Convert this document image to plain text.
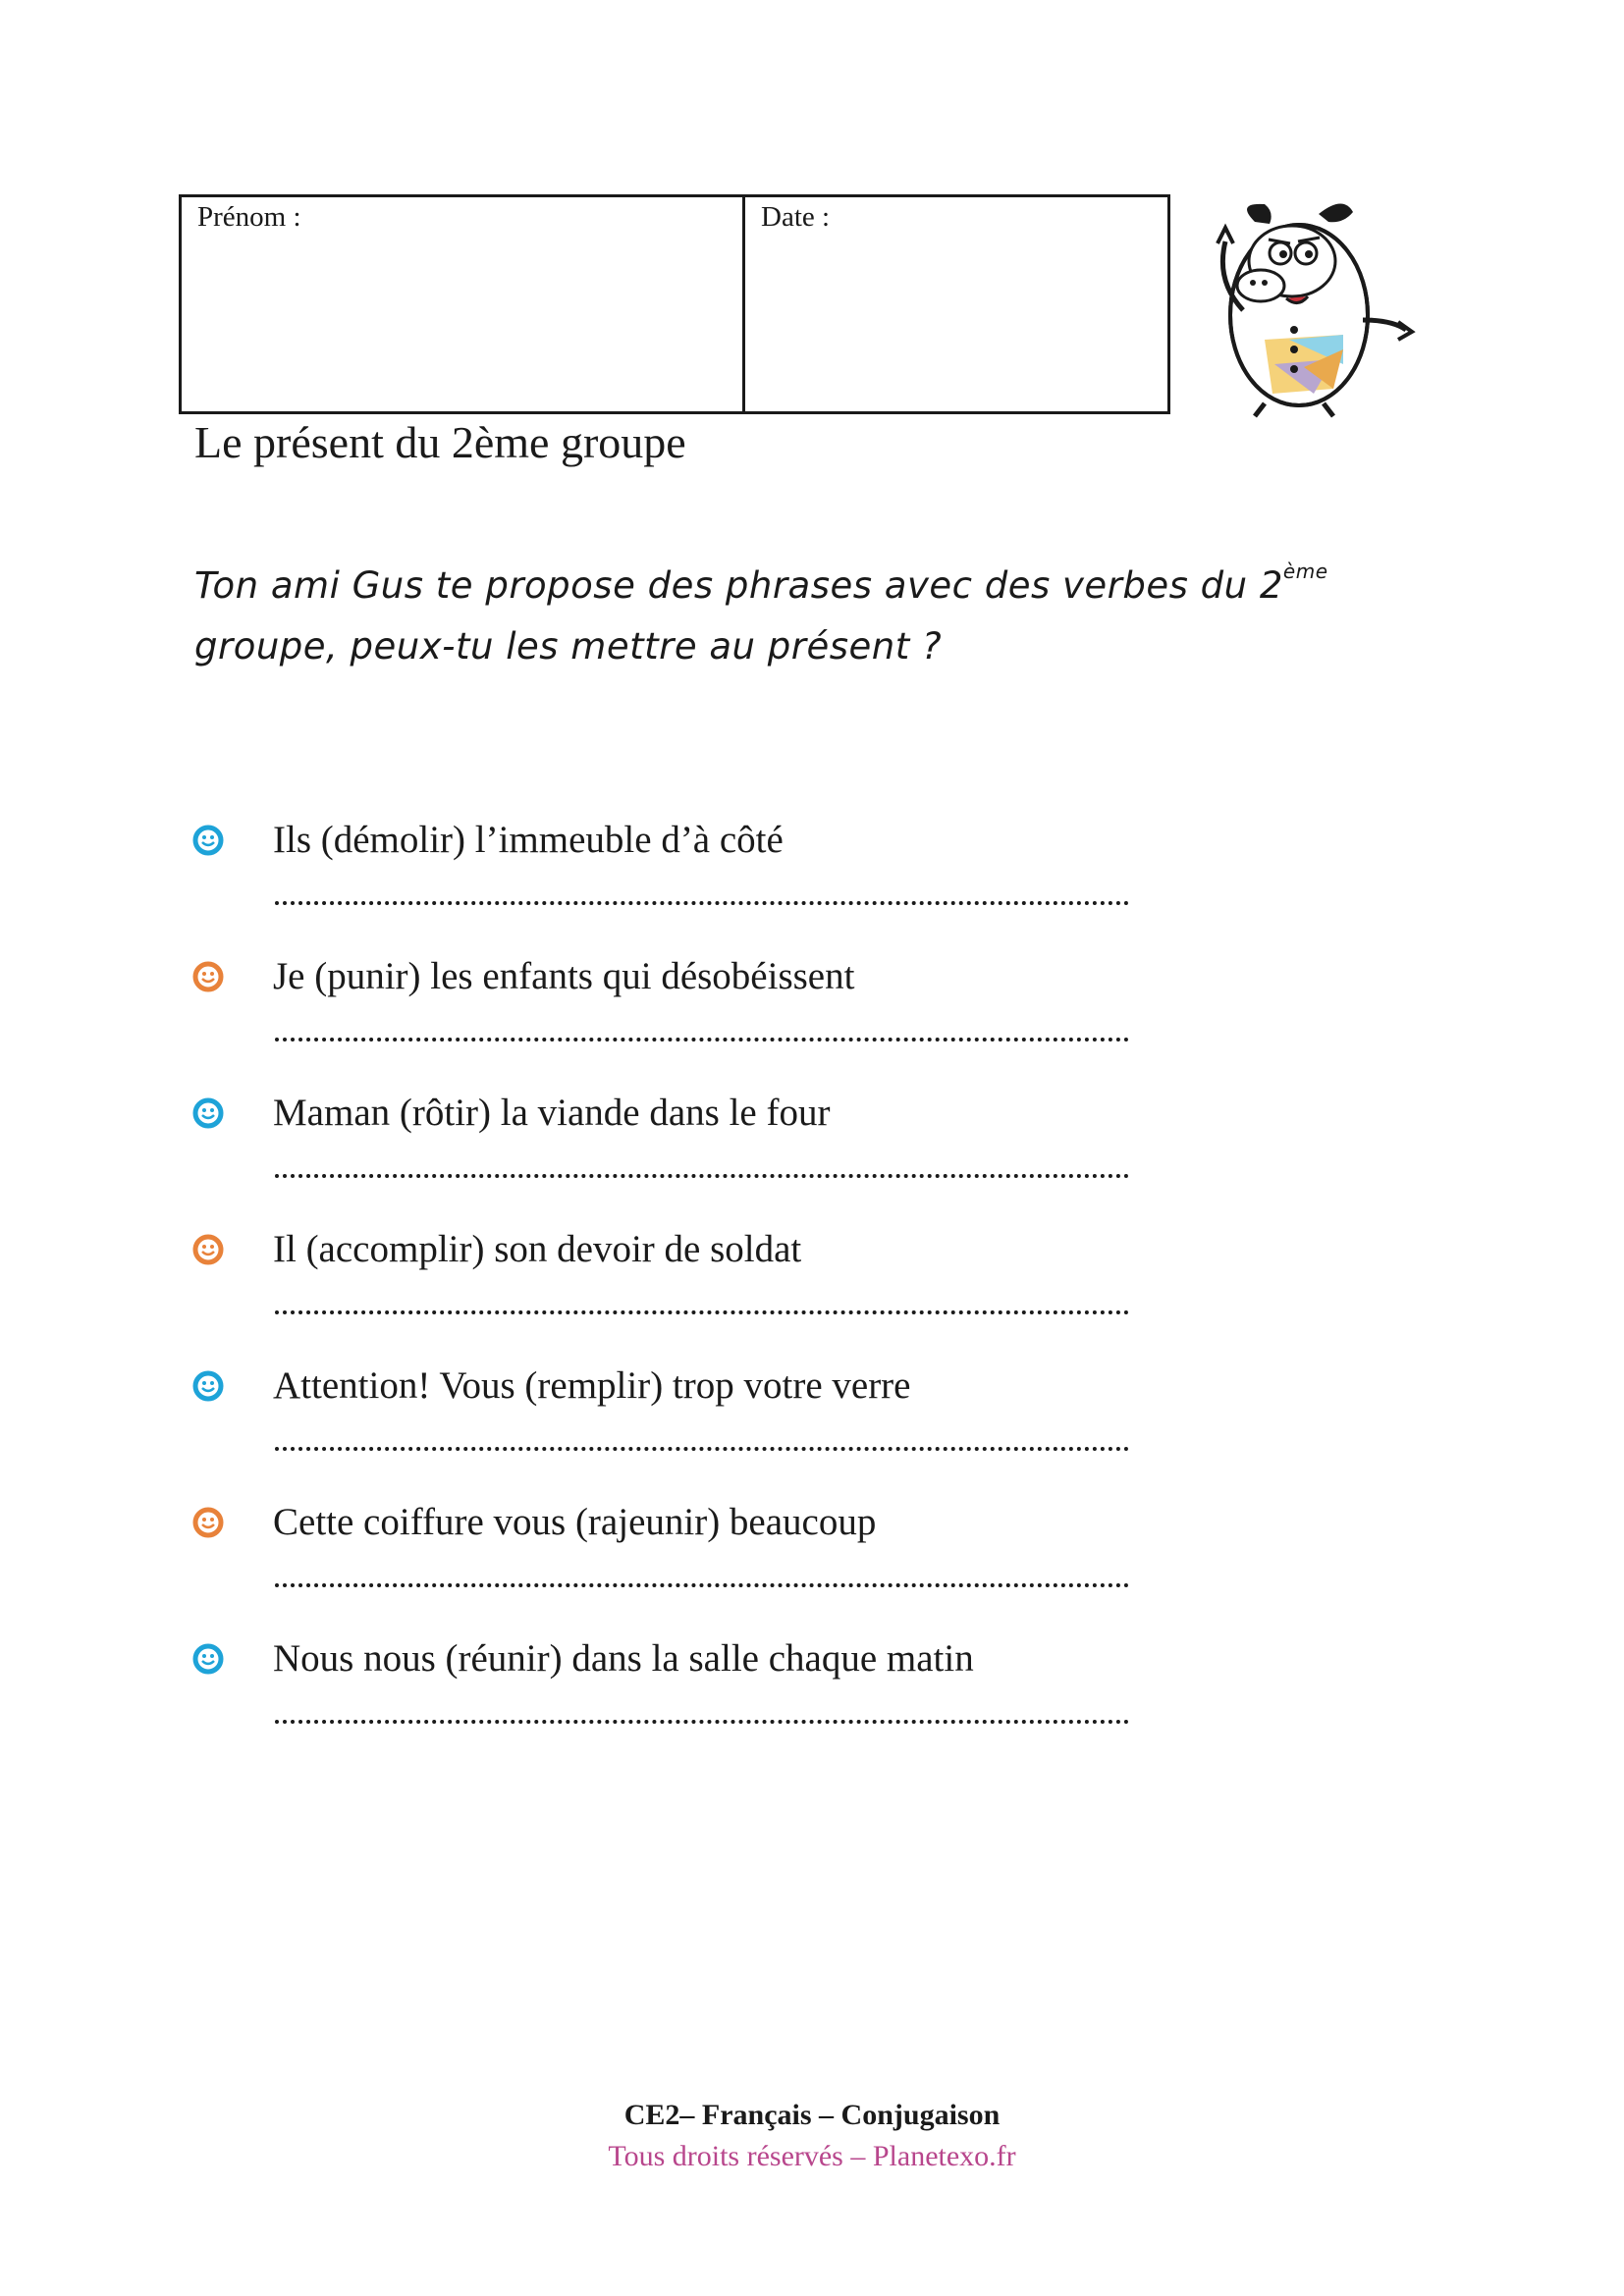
Prénom :	Date :
Le présent du 2ème groupe
Ton ami Gus te propose des phrases avec des verbes du 2ème
groupe, peux-tu les mettre au présent ?
Ils (démolir) l’immeuble d’à côté
Je (punir) les enfants qui désobéissent
Maman (rôtir) la viande dans le four
Il (accomplir) son devoir de soldat
Attention! Vous (remplir) trop votre verre
Cette coiffure vous (rajeunir) beaucoup
Nous nous (réunir) dans la salle chaque matin
CE2– Français – Conjugaison
Tous droits réservés – Planetexo.fr
